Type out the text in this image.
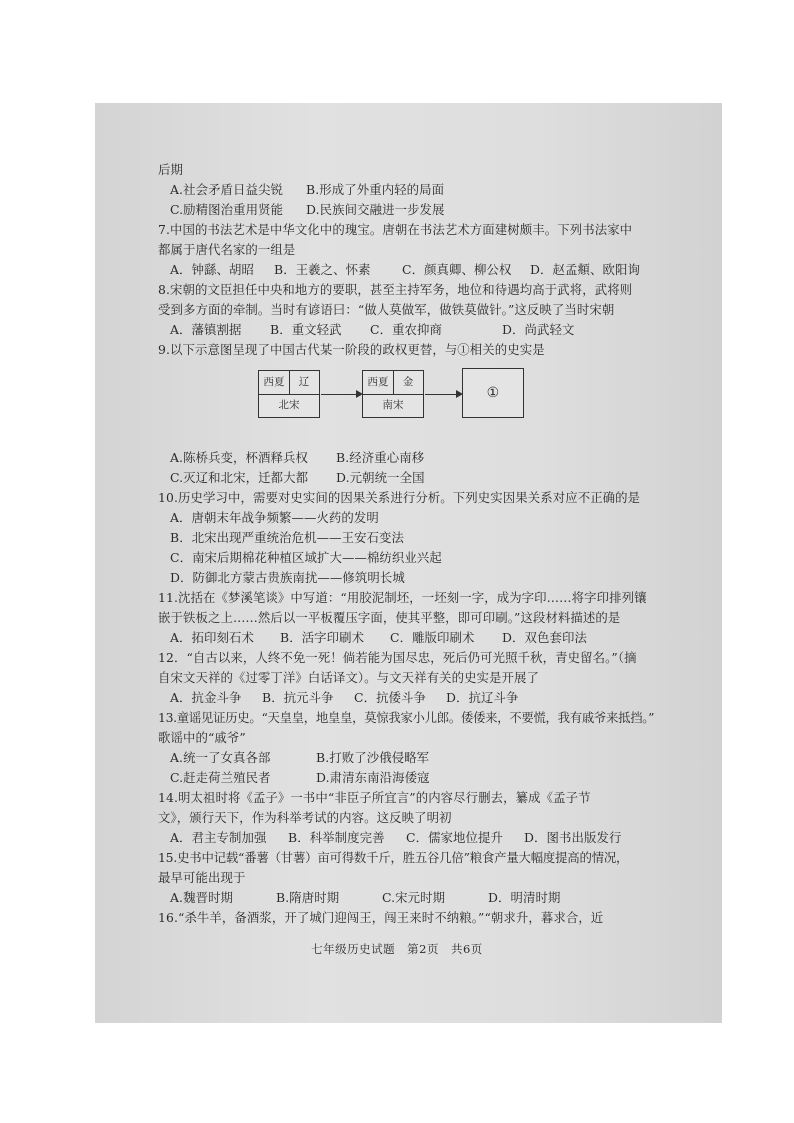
后期
A.社会矛盾日益尖锐 B.形成了外重内轻的局面
C.励精图治重用贤能 D.民族间交融进一步发展
7.中国的书法艺术是中华文化中的瑰宝。唐朝在书法艺术方面建树颇丰。下列书法家中
都属于唐代名家的一组是
A．钟繇、胡昭 B．王羲之、怀素	C．颜真卿、柳公权 D．赵孟頫、欧阳询
8.宋朝的文臣担任中央和地方的要职，甚至主持军务，地位和待遇均高于武将，武将则
受到多方面的牵制。当时有谚语曰：“做人莫做军，做铁莫做针。”这反映了当时宋朝
A．藩镇割据 B．重文轻武 C．重农抑商	D．尚武轻文
9.以下示意图呈现了中国古代某一阶段的政权更替，与①相关的史实是
西夏	辽
北宋
西夏	金
南宋
①
A.陈桥兵变，杯酒释兵权 B.经济重心南移
C.灭辽和北宋，迁都大都 D.元朝统一全国
10.历史学习中，需要对史实间的因果关系进行分析。下列史实因果关系对应不正确的是
A．唐朝末年战争频繁——火药的发明
B．北宋出现严重统治危机——王安石变法
C．南宋后期棉花种植区域扩大——棉纺织业兴起
D．防御北方蒙古贵族南扰——修筑明长城
11.沈括在《梦溪笔谈》中写道：“用胶泥制坯，一坯刻一字，成为字印……将字印排列镶
嵌于铁板之上……然后以一平板覆压字面，使其平整，即可印刷。”这段材料描述的是
A．拓印刻石术 B．活字印刷术 C．雕版印刷术 D．双色套印法
12．“自古以来，人终不免一死！倘若能为国尽忠，死后仍可光照千秋，青史留名。”（摘
自宋文天祥的《过零丁洋》白话译文）。与文天祥有关的史实是开展了
A．抗金斗争 B．抗元斗争 C．抗倭斗争 D．抗辽斗争
13.童谣见证历史。“天皇皇，地皇皇，莫惊我家小儿郎。倭倭来，不要慌，我有戚爷来抵挡。”
歌谣中的“戚爷”
A.统一了女真各部	B.打败了沙俄侵略军
C.赶走荷兰殖民者	D.肃清东南沿海倭寇
14.明太祖时将《孟子》一书中“非臣子所宜言”的内容尽行删去，纂成《孟子节
文》，颁行天下，作为科举考试的内容。这反映了明初
A．君主专制加强 B．科举制度完善 C．儒家地位提升 D．图书出版发行
15.史书中记载“番薯（甘薯）亩可得数千斤，胜五谷几倍”粮食产量大幅度提高的情况，
最早可能出现于
A.魏晋时期	B.隋唐时期	C.宋元时期	D．明清时期
16.“杀牛羊，备酒浆，开了城门迎闯王，闯王来时不纳粮。”“朝求升，暮求合，近
七年级历史试题　第2页　共6页
